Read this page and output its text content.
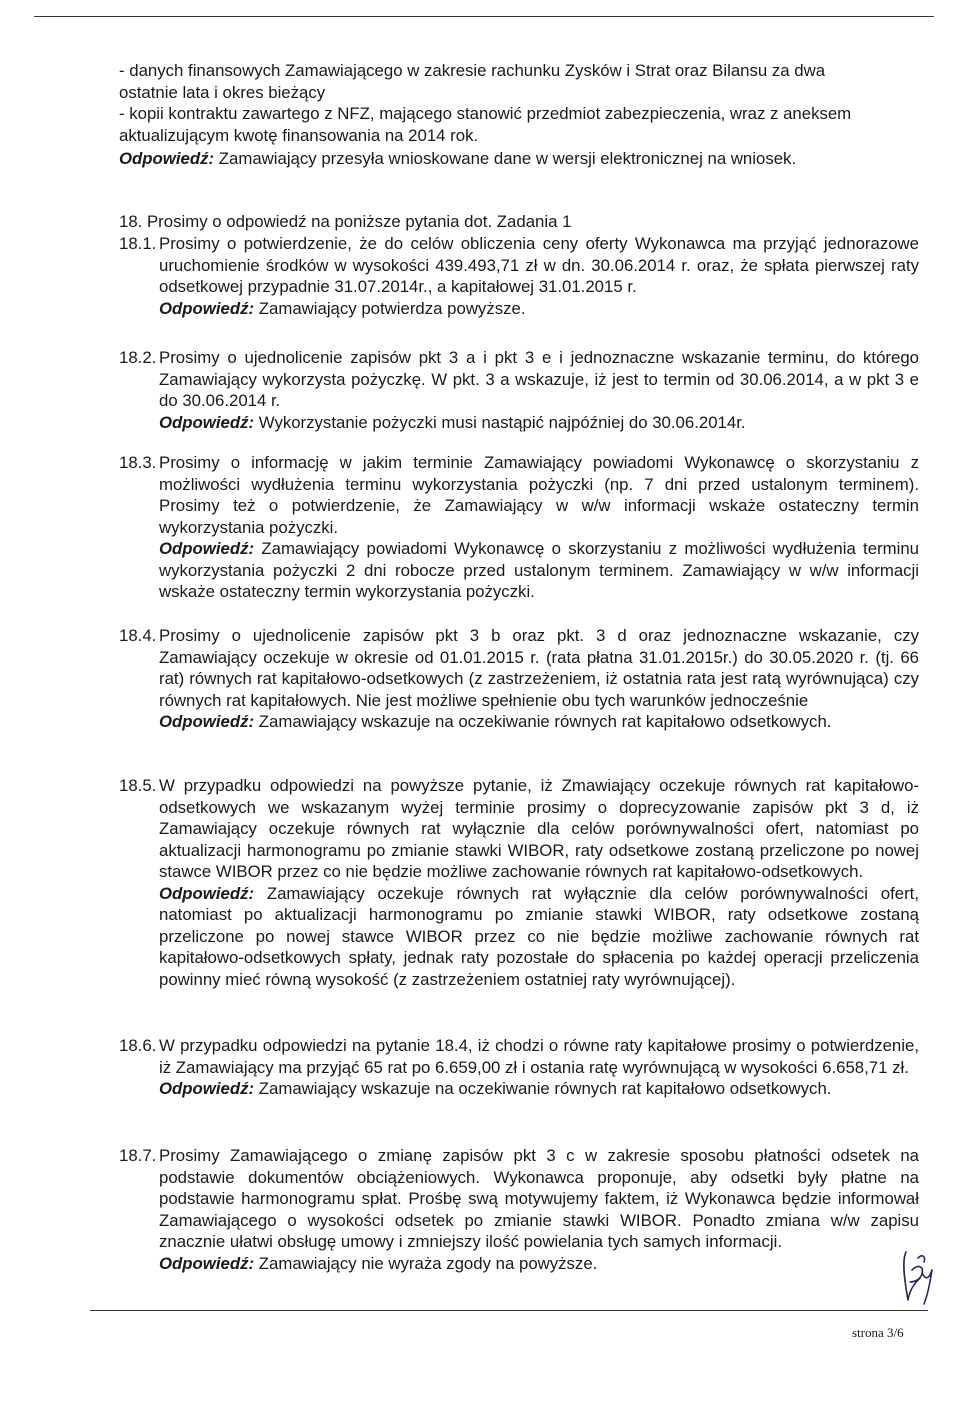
- danych finansowych Zamawiającego w zakresie rachunku Zysków i Strat oraz Bilansu za dwa

ostatnie lata i okres bieżący

- kopii kontraktu zawartego z NFZ, mającego stanowić przedmiot zabezpieczenia, wraz z aneksem

aktualizującym kwotę finansowania na 2014 rok.

Odpowiedź: Zamawiający przesyła wnioskowane dane w wersji elektronicznej na wniosek.

18. Prosimy o odpowiedź na poniższe pytania dot. Zadania 1

18.1. Prosimy o potwierdzenie, że do celów obliczenia ceny oferty Wykonawca ma przyjąć jednorazowe uruchomienie środków w wysokości 439.493,71 zł w dn. 30.06.2014 r. oraz, że spłata pierwszej raty odsetkowej przypadnie 31.07.2014r., a kapitałowej 31.01.2015 r.

Odpowiedź: Zamawiający potwierdza powyższe.

18.2. Prosimy o ujednolicenie zapisów pkt 3 a i pkt 3 e i jednoznaczne wskazanie terminu, do którego Zamawiający wykorzysta pożyczkę. W pkt. 3 a wskazuje, iż jest to termin od 30.06.2014, a w pkt 3 e do 30.06.2014 r.

Odpowiedź: Wykorzystanie pożyczki musi nastąpić najpóźniej do 30.06.2014r.

18.3. Prosimy o informację w jakim terminie Zamawiający powiadomi Wykonawcę o skorzystaniu z możliwości wydłużenia terminu wykorzystania pożyczki (np. 7 dni przed ustalonym terminem). Prosimy też o potwierdzenie, że Zamawiający w w/w informacji wskaże ostateczny termin wykorzystania pożyczki.

Odpowiedź: Zamawiający powiadomi Wykonawcę o skorzystaniu z możliwości wydłużenia terminu wykorzystania pożyczki 2 dni robocze przed ustalonym terminem. Zamawiający w w/w informacji wskaże ostateczny termin wykorzystania pożyczki.

18.4. Prosimy o ujednolicenie zapisów pkt 3 b oraz pkt. 3 d oraz jednoznaczne wskazanie, czy Zamawiający oczekuje w okresie od 01.01.2015 r. (rata płatna 31.01.2015r.) do 30.05.2020 r. (tj. 66 rat) równych rat kapitałowo-odsetkowych (z zastrzeżeniem, iż ostatnia rata jest ratą wyrównująca) czy równych rat kapitałowych. Nie jest możliwe spełnienie obu tych warunków jednocześnie

Odpowiedź: Zamawiający wskazuje na oczekiwanie równych rat kapitałowo odsetkowych.

18.5. W przypadku odpowiedzi na powyższe pytanie, iż Zmawiający oczekuje równych rat kapitałowo-odsetkowych we wskazanym wyżej terminie prosimy o doprecyzowanie zapisów pkt 3 d, iż Zamawiający oczekuje równych rat wyłącznie dla celów porównywalności ofert, natomiast po aktualizacji harmonogramu po zmianie stawki WIBOR, raty odsetkowe zostaną przeliczone po nowej stawce WIBOR przez co nie będzie możliwe zachowanie równych rat kapitałowo-odsetkowych.

Odpowiedź: Zamawiający oczekuje równych rat wyłącznie dla celów porównywalności ofert, natomiast po aktualizacji harmonogramu po zmianie stawki WIBOR, raty odsetkowe zostaną przeliczone po nowej stawce WIBOR przez co nie będzie możliwe zachowanie równych rat kapitałowo-odsetkowych spłaty, jednak raty pozostałe do spłacenia po każdej operacji przeliczenia powinny mieć równą wysokość (z zastrzeżeniem ostatniej raty wyrównującej).

18.6. W przypadku odpowiedzi na pytanie 18.4, iż chodzi o równe raty kapitałowe prosimy o potwierdzenie, iż Zamawiający ma przyjąć 65 rat po 6.659,00 zł i ostania ratę wyrównującą w wysokości 6.658,71 zł.

Odpowiedź: Zamawiający wskazuje na oczekiwanie równych rat kapitałowo odsetkowych.

18.7. Prosimy Zamawiającego o zmianę zapisów pkt 3 c w zakresie sposobu płatności odsetek na podstawie dokumentów obciążeniowych. Wykonawca proponuje, aby odsetki były płatne na podstawie harmonogramu spłat. Prośbę swą motywujemy faktem, iż Wykonawca będzie informował Zamawiającego o wysokości odsetek po zmianie stawki WIBOR. Ponadto zmiana w/w zapisu znacznie ułatwi obsługę umowy i zmniejszy ilość powielania tych samych informacji.

Odpowiedź: Zamawiający nie wyraża zgody na powyższe.

strona 3/6
